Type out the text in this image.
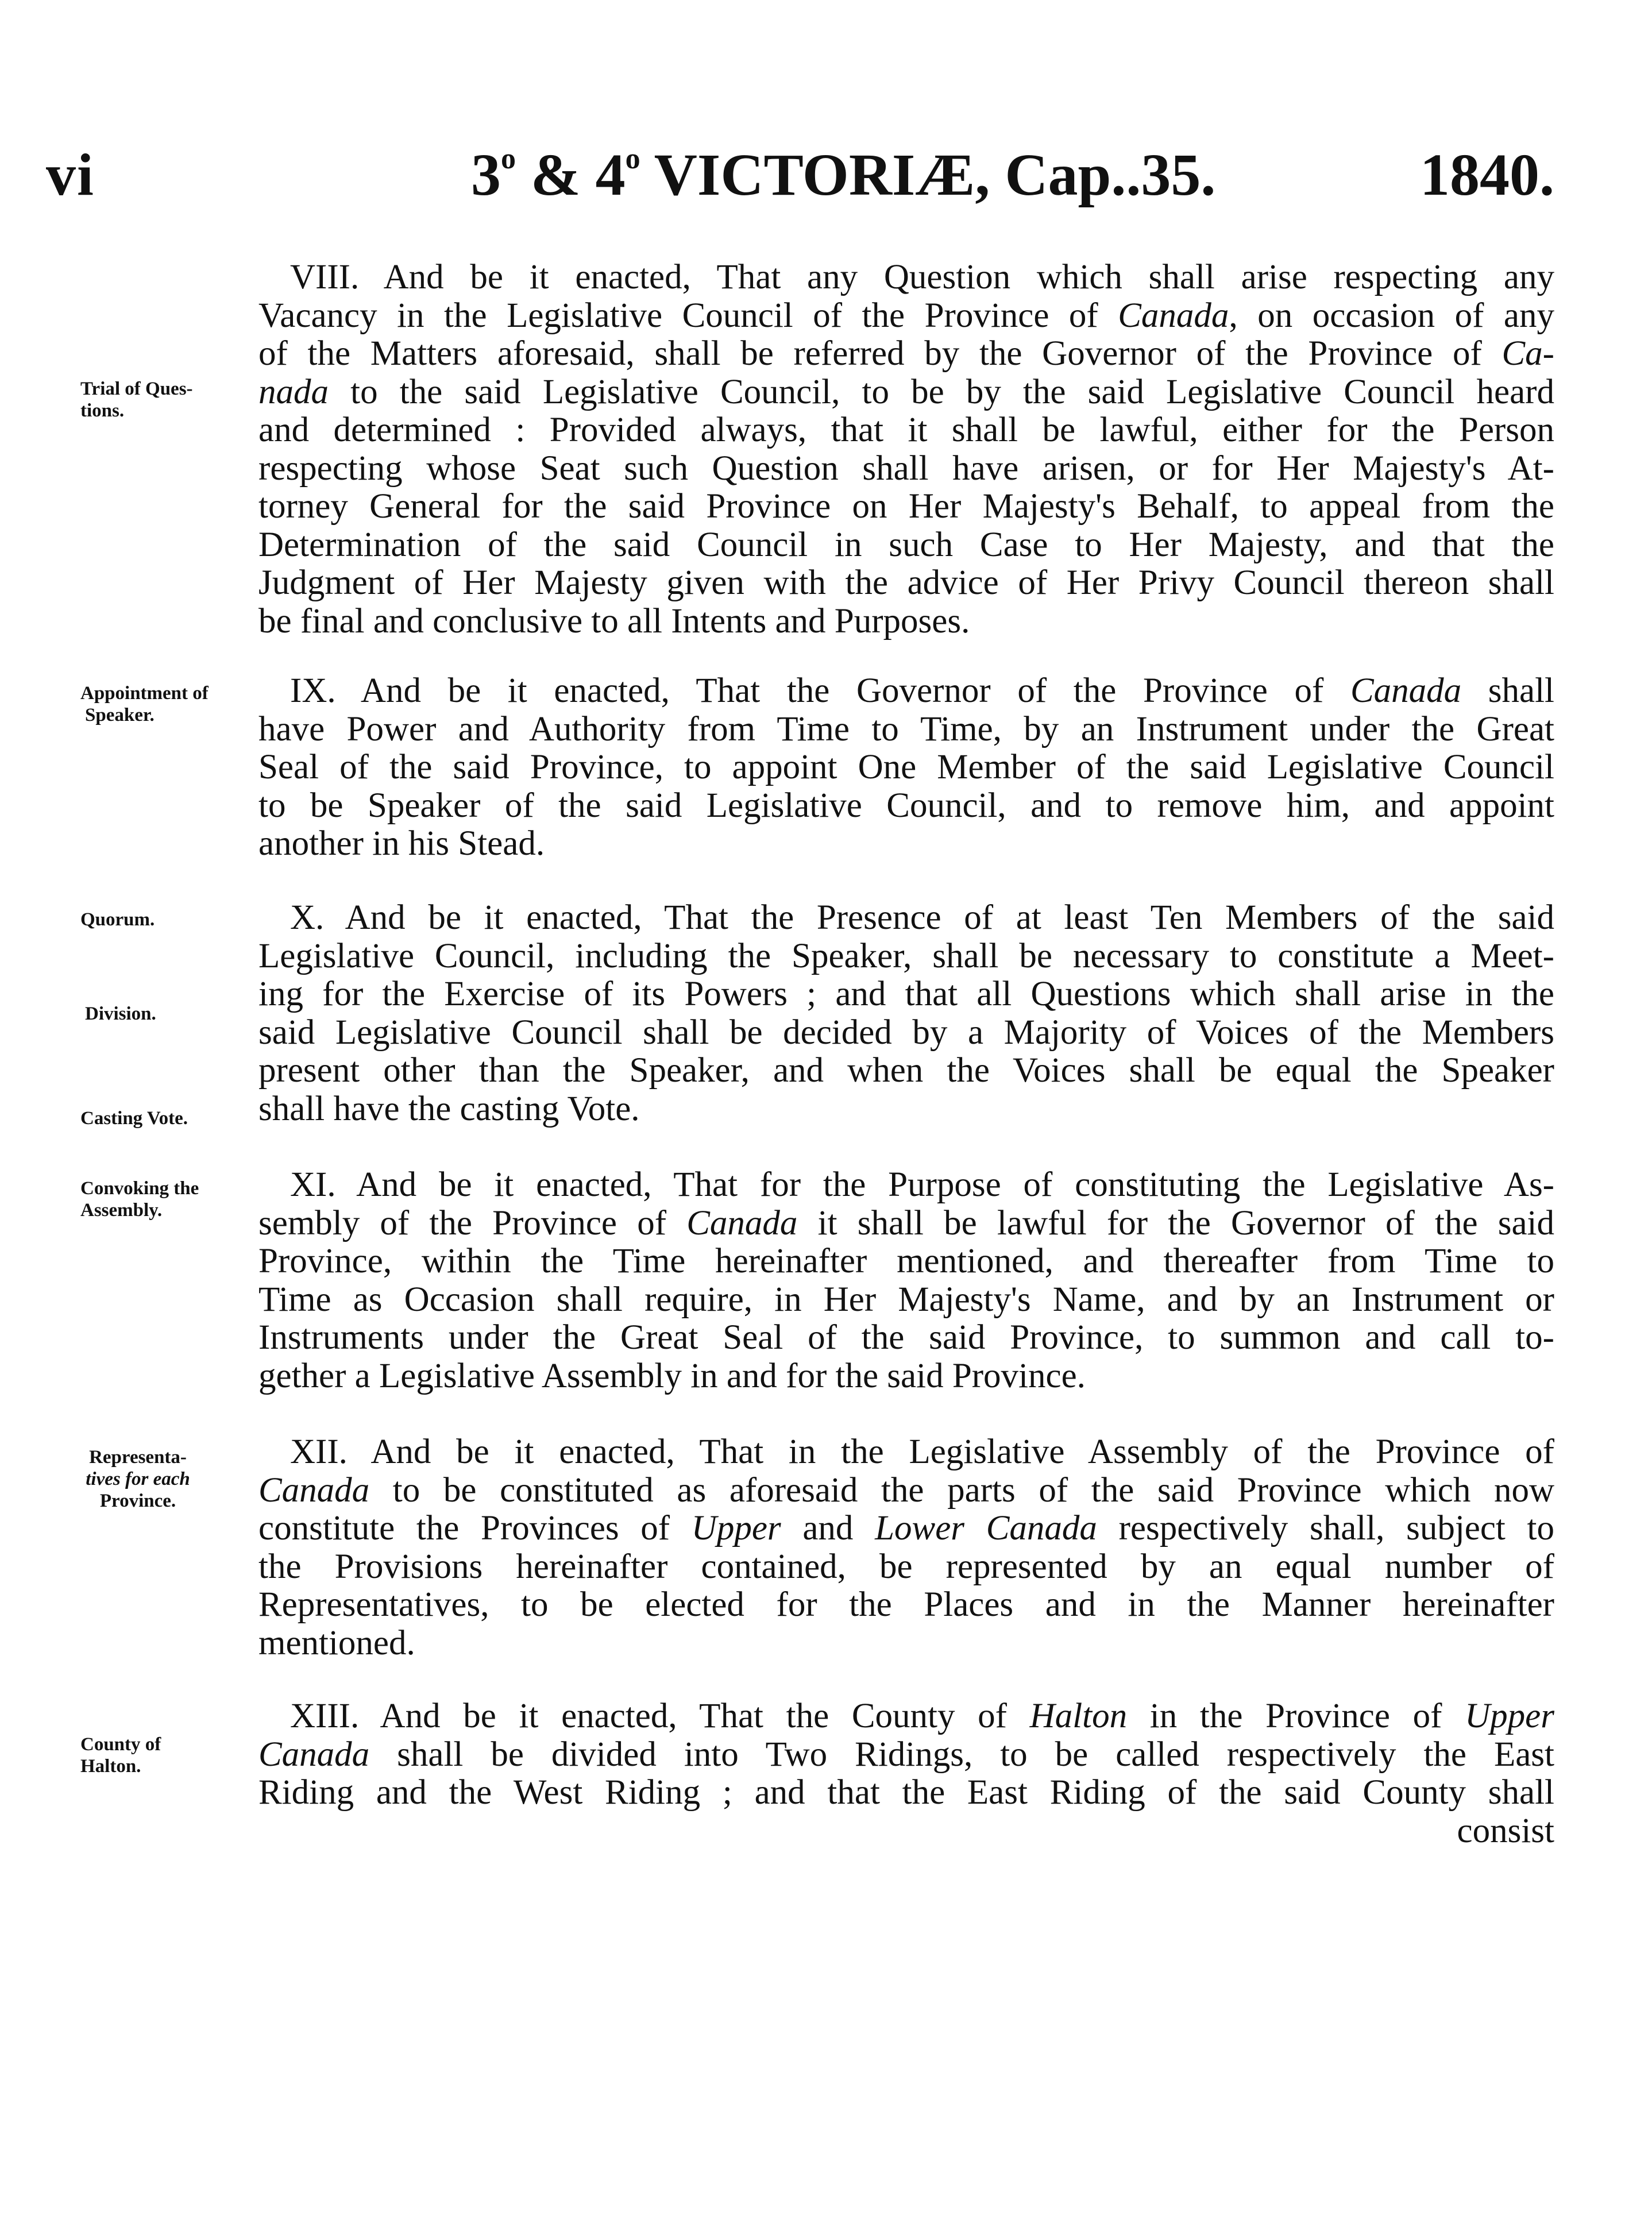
vi	3$^o$ & 4$^o$ VICTORIÆ, Cap..35.	1840.
Trial of Ques-
tions.
Appointment of
Speaker.
Quorum.
Division.
Casting Vote.
Convoking the
Assembly.
Representa-
tives for each
Province.
County of
Halton.
VIII. And be it enacted, That any Question which shall arise respecting any
Vacancy in the Legislative Council of the Province of Canada, on occasion of any
of the Matters aforesaid, shall be referred by the Governor of the Province of Ca-
nada to the said Legislative Council, to be by the said Legislative Council heard
and determined : Provided always, that it shall be lawful, either for the Person
respecting whose Seat such Question shall have arisen, or for Her Majesty's At-
torney General for the said Province on Her Majesty's Behalf, to appeal from the
Determination of the said Council in such Case to Her Majesty, and that the
Judgment of Her Majesty given with the advice of Her Privy Council thereon shall
be final and conclusive to all Intents and Purposes.
IX. And be it enacted, That the Governor of the Province of Canada shall
have Power and Authority from Time to Time, by an Instrument under the Great
Seal of the said Province, to appoint One Member of the said Legislative Council
to be Speaker of the said Legislative Council, and to remove him, and appoint
another in his Stead.
X. And be it enacted, That the Presence of at least Ten Members of the said
Legislative Council, including the Speaker, shall be necessary to constitute a Meet-
ing for the Exercise of its Powers ; and that all Questions which shall arise in the
said Legislative Council shall be decided by a Majority of Voices of the Members
present other than the Speaker, and when the Voices shall be equal the Speaker
shall have the casting Vote.
XI. And be it enacted, That for the Purpose of constituting the Legislative As-
sembly of the Province of Canada it shall be lawful for the Governor of the said
Province, within the Time hereinafter mentioned, and thereafter from Time to
Time as Occasion shall require, in Her Majesty's Name, and by an Instrument or
Instruments under the Great Seal of the said Province, to summon and call to-
gether a Legislative Assembly in and for the said Province.
XII. And be it enacted, That in the Legislative Assembly of the Province of
Canada to be constituted as aforesaid the parts of the said Province which now
constitute the Provinces of Upper and Lower Canada respectively shall, subject to
the Provisions hereinafter contained, be represented by an equal number of
Representatives, to be elected for the Places and in the Manner hereinafter
mentioned.
XIII. And be it enacted, That the County of Halton in the Province of Upper
Canada shall be divided into Two Ridings, to be called respectively the East
Riding and the West Riding ; and that the East Riding of the said County shall
consist
